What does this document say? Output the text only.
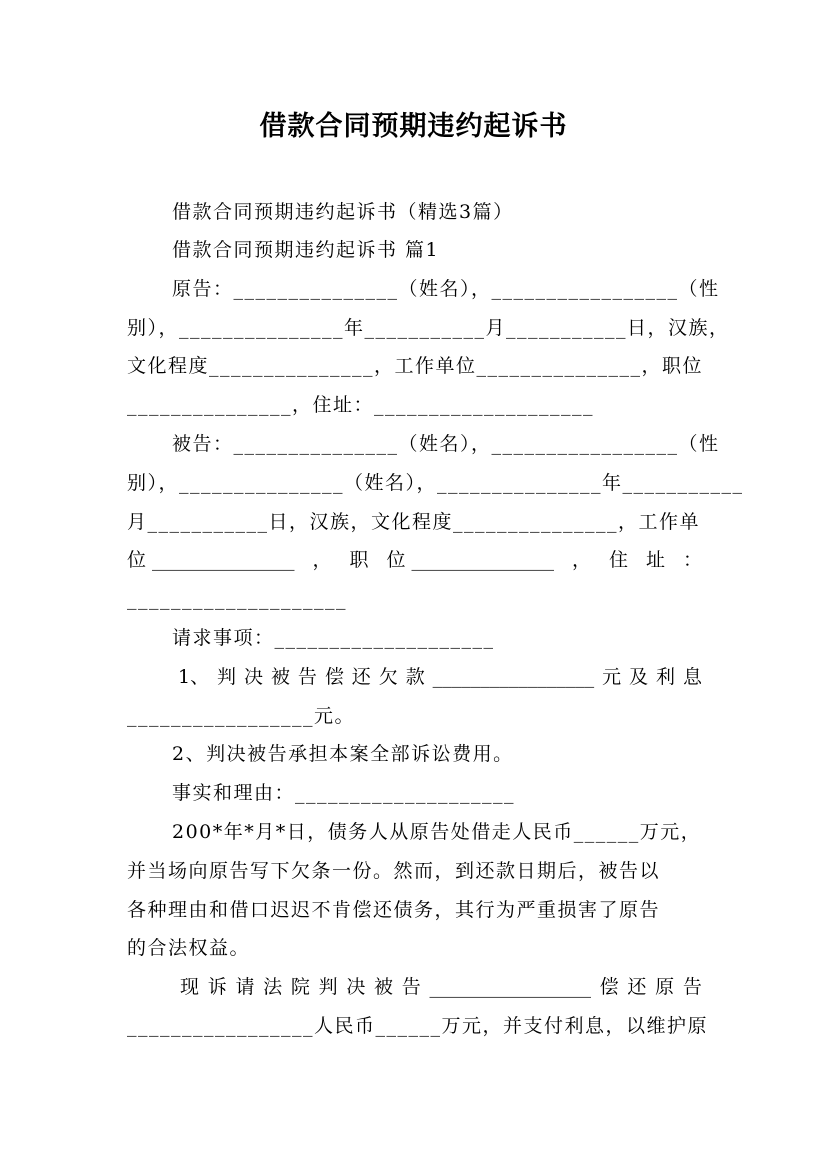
借款合同预期违约起诉书
借款合同预期违约起诉书（精选3篇）
借款合同预期违约起诉书 篇1
原告：_______________（姓名），_________________（性
别），_______________年___________月___________日，汉族，
文化程度_______________，工作单位_______________，职位
_______________，住址：____________________
被告：_______________（姓名），_________________（性
别），_______________（姓名），_______________年___________
月___________日，汉族，文化程度_______________，工作单
位 _______________ ， 职 位 _______________ ， 住 址 ：
____________________
请求事项：____________________
1、 判 决 被 告 偿 还 欠 款 _________________ 元 及 利 息
_________________元。
2、判决被告承担本案全部诉讼费用。
事实和理由：____________________
200*年*月*日，债务人从原告处借走人民币______万元，
并当场向原告写下欠条一份。然而，到还款日期后，被告以
各种理由和借口迟迟不肯偿还债务，其行为严重损害了原告
的合法权益。
现 诉 请 法 院 判 决 被 告 _________________ 偿 还 原 告
_________________人民币______万元，并支付利息，以维护原
